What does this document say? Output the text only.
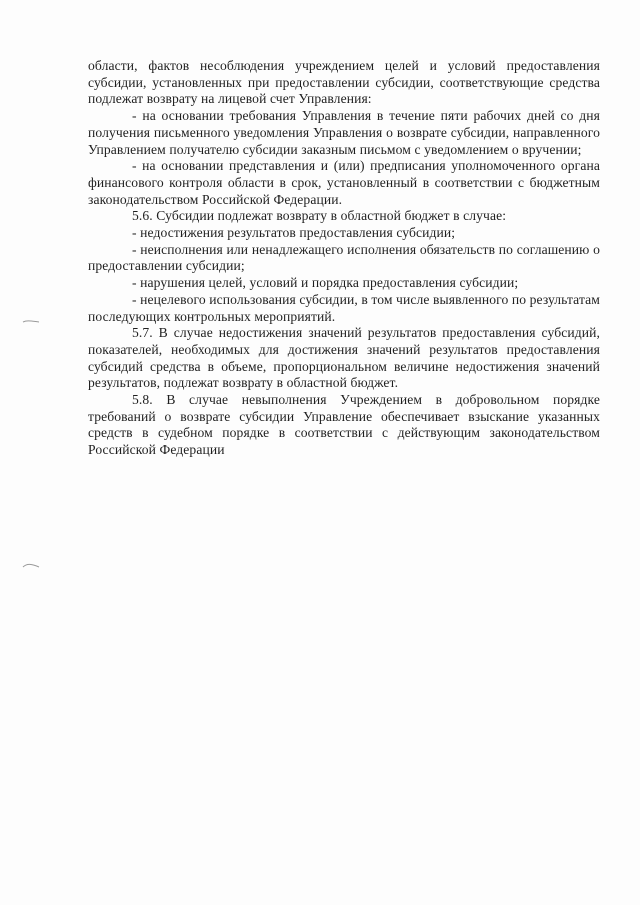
области, фактов несоблюдения учреждением целей и условий предоставления субсидии, установленных при предоставлении субсидии, соответствующие средства подлежат возврату на лицевой счет Управления:

- на основании требования Управления в течение пяти рабочих дней со дня получения письменного уведомления Управления о возврате субсидии, направленного Управлением получателю субсидии заказным письмом с уведомлением о вручении;

- на основании представления и (или) предписания уполномоченного органа финансового контроля области в срок, установленный в соответствии с бюджетным законодательством Российской Федерации.

5.6. Субсидии подлежат возврату в областной бюджет в случае:

- недостижения результатов предоставления субсидии;

- неисполнения или ненадлежащего исполнения обязательств по соглашению о предоставлении субсидии;

- нарушения целей, условий и порядка предоставления субсидии;

- нецелевого использования субсидии, в том числе выявленного по результатам последующих контрольных мероприятий.

5.7. В случае недостижения значений результатов предоставления субсидий, показателей, необходимых для достижения значений результатов предоставления субсидий средства в объеме, пропорциональном величине недостижения значений результатов, подлежат возврату в областной бюджет.

5.8. В случае невыполнения Учреждением в добровольном порядке требований о возврате субсидии Управление обеспечивает взыскание указанных средств в судебном порядке в соответствии с действующим законодательством Российской Федерации
